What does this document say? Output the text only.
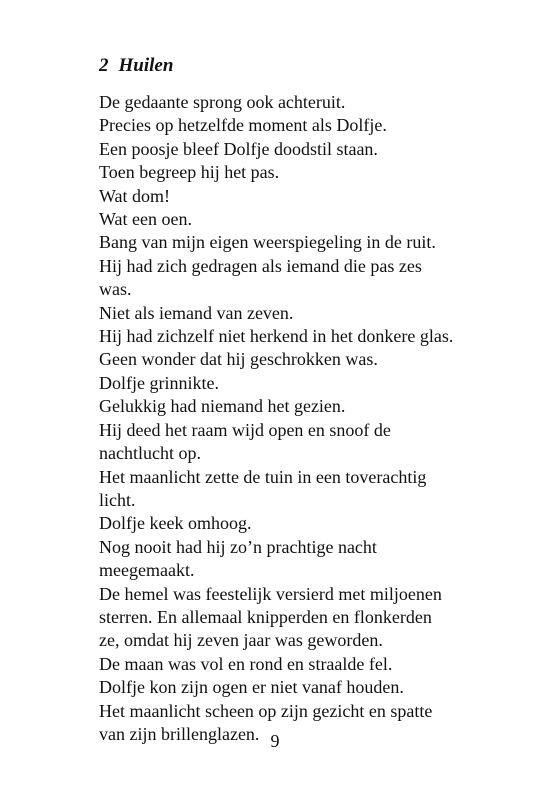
2 Huilen
De gedaante sprong ook achteruit.
Precies op hetzelfde moment als Dolfje.
Een poosje bleef Dolfje doodstil staan.
Toen begreep hij het pas.
Wat dom!
Wat een oen.
Bang van mijn eigen weerspiegeling in de ruit.
Hij had zich gedragen als iemand die pas zes
was.
Niet als iemand van zeven.
Hij had zichzelf niet herkend in het donkere glas.
Geen wonder dat hij geschrokken was.
Dolfje grinnikte.
Gelukkig had niemand het gezien.
Hij deed het raam wijd open en snoof de
nachtlucht op.
Het maanlicht zette de tuin in een toverachtig
licht.
Dolfje keek omhoog.
Nog nooit had hij zo’n prachtige nacht
meegemaakt.
De hemel was feestelijk versierd met miljoenen
sterren. En allemaal knipperden en flonkerden
ze, omdat hij zeven jaar was geworden.
De maan was vol en rond en straalde fel.
Dolfje kon zijn ogen er niet vanaf houden.
Het maanlicht scheen op zijn gezicht en spatte
van zijn brillenglazen. 9
